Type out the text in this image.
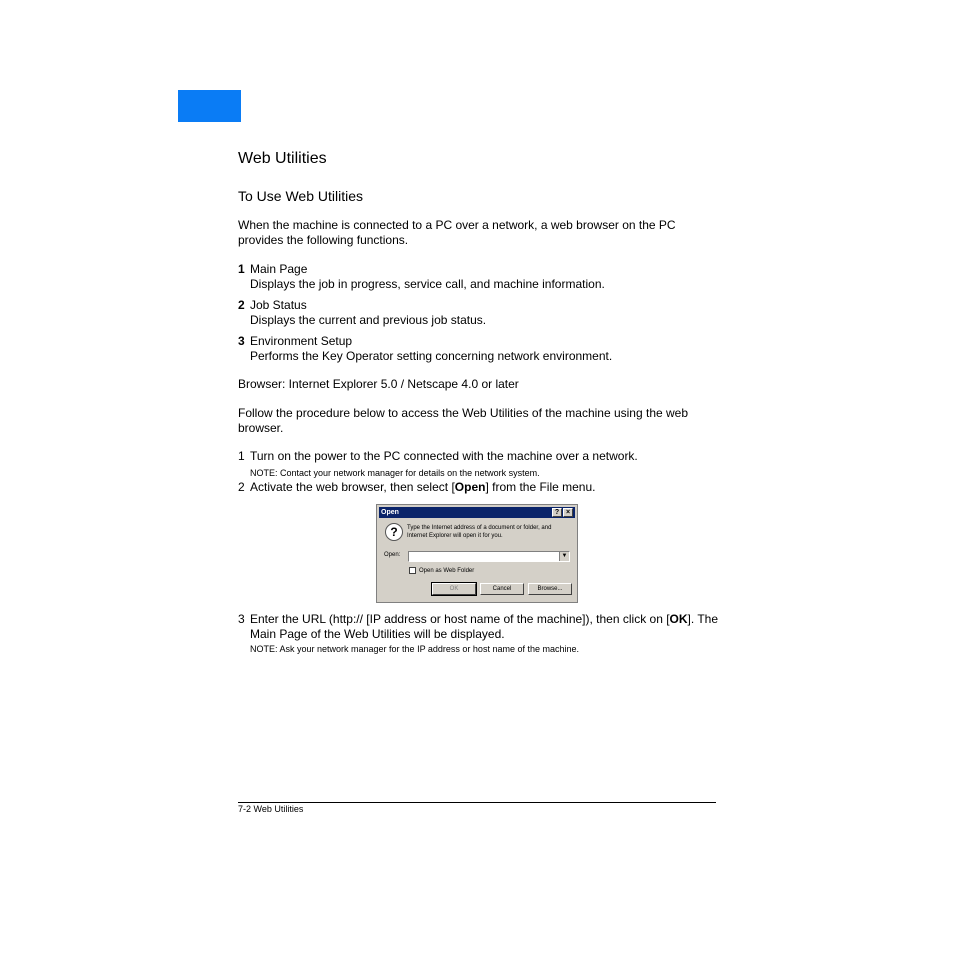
Web Utilities
To Use Web Utilities
When the machine is connected to a PC over a network, a web browser on the PC
provides the following functions.
1 Main Page
Displays the job in progress, service call, and machine information.
2 Job Status
Displays the current and previous job status.
3 Environment Setup
Performs the Key Operator setting concerning network environment.
Browser: Internet Explorer 5.0 / Netscape 4.0 or later
Follow the procedure below to access the Web Utilities of the machine using the web
browser.
1 Turn on the power to the PC connected with the machine over a network.
NOTE: Contact your network manager for details on the network system.
2 Activate the web browser, then select [Open] from the File menu.
Open	? ×
?	Type the Internet address of a document or folder, and
Internet Explorer will open it for you.
Open:	▼
Open as Web Folder
OK	Cancel	Browse...
3 Enter the URL (http:// [IP address or host name of the machine]), then click on [OK]. The
Main Page of the Web Utilities will be displayed.
NOTE: Ask your network manager for the IP address or host name of the machine.
7-2 Web Utilities
